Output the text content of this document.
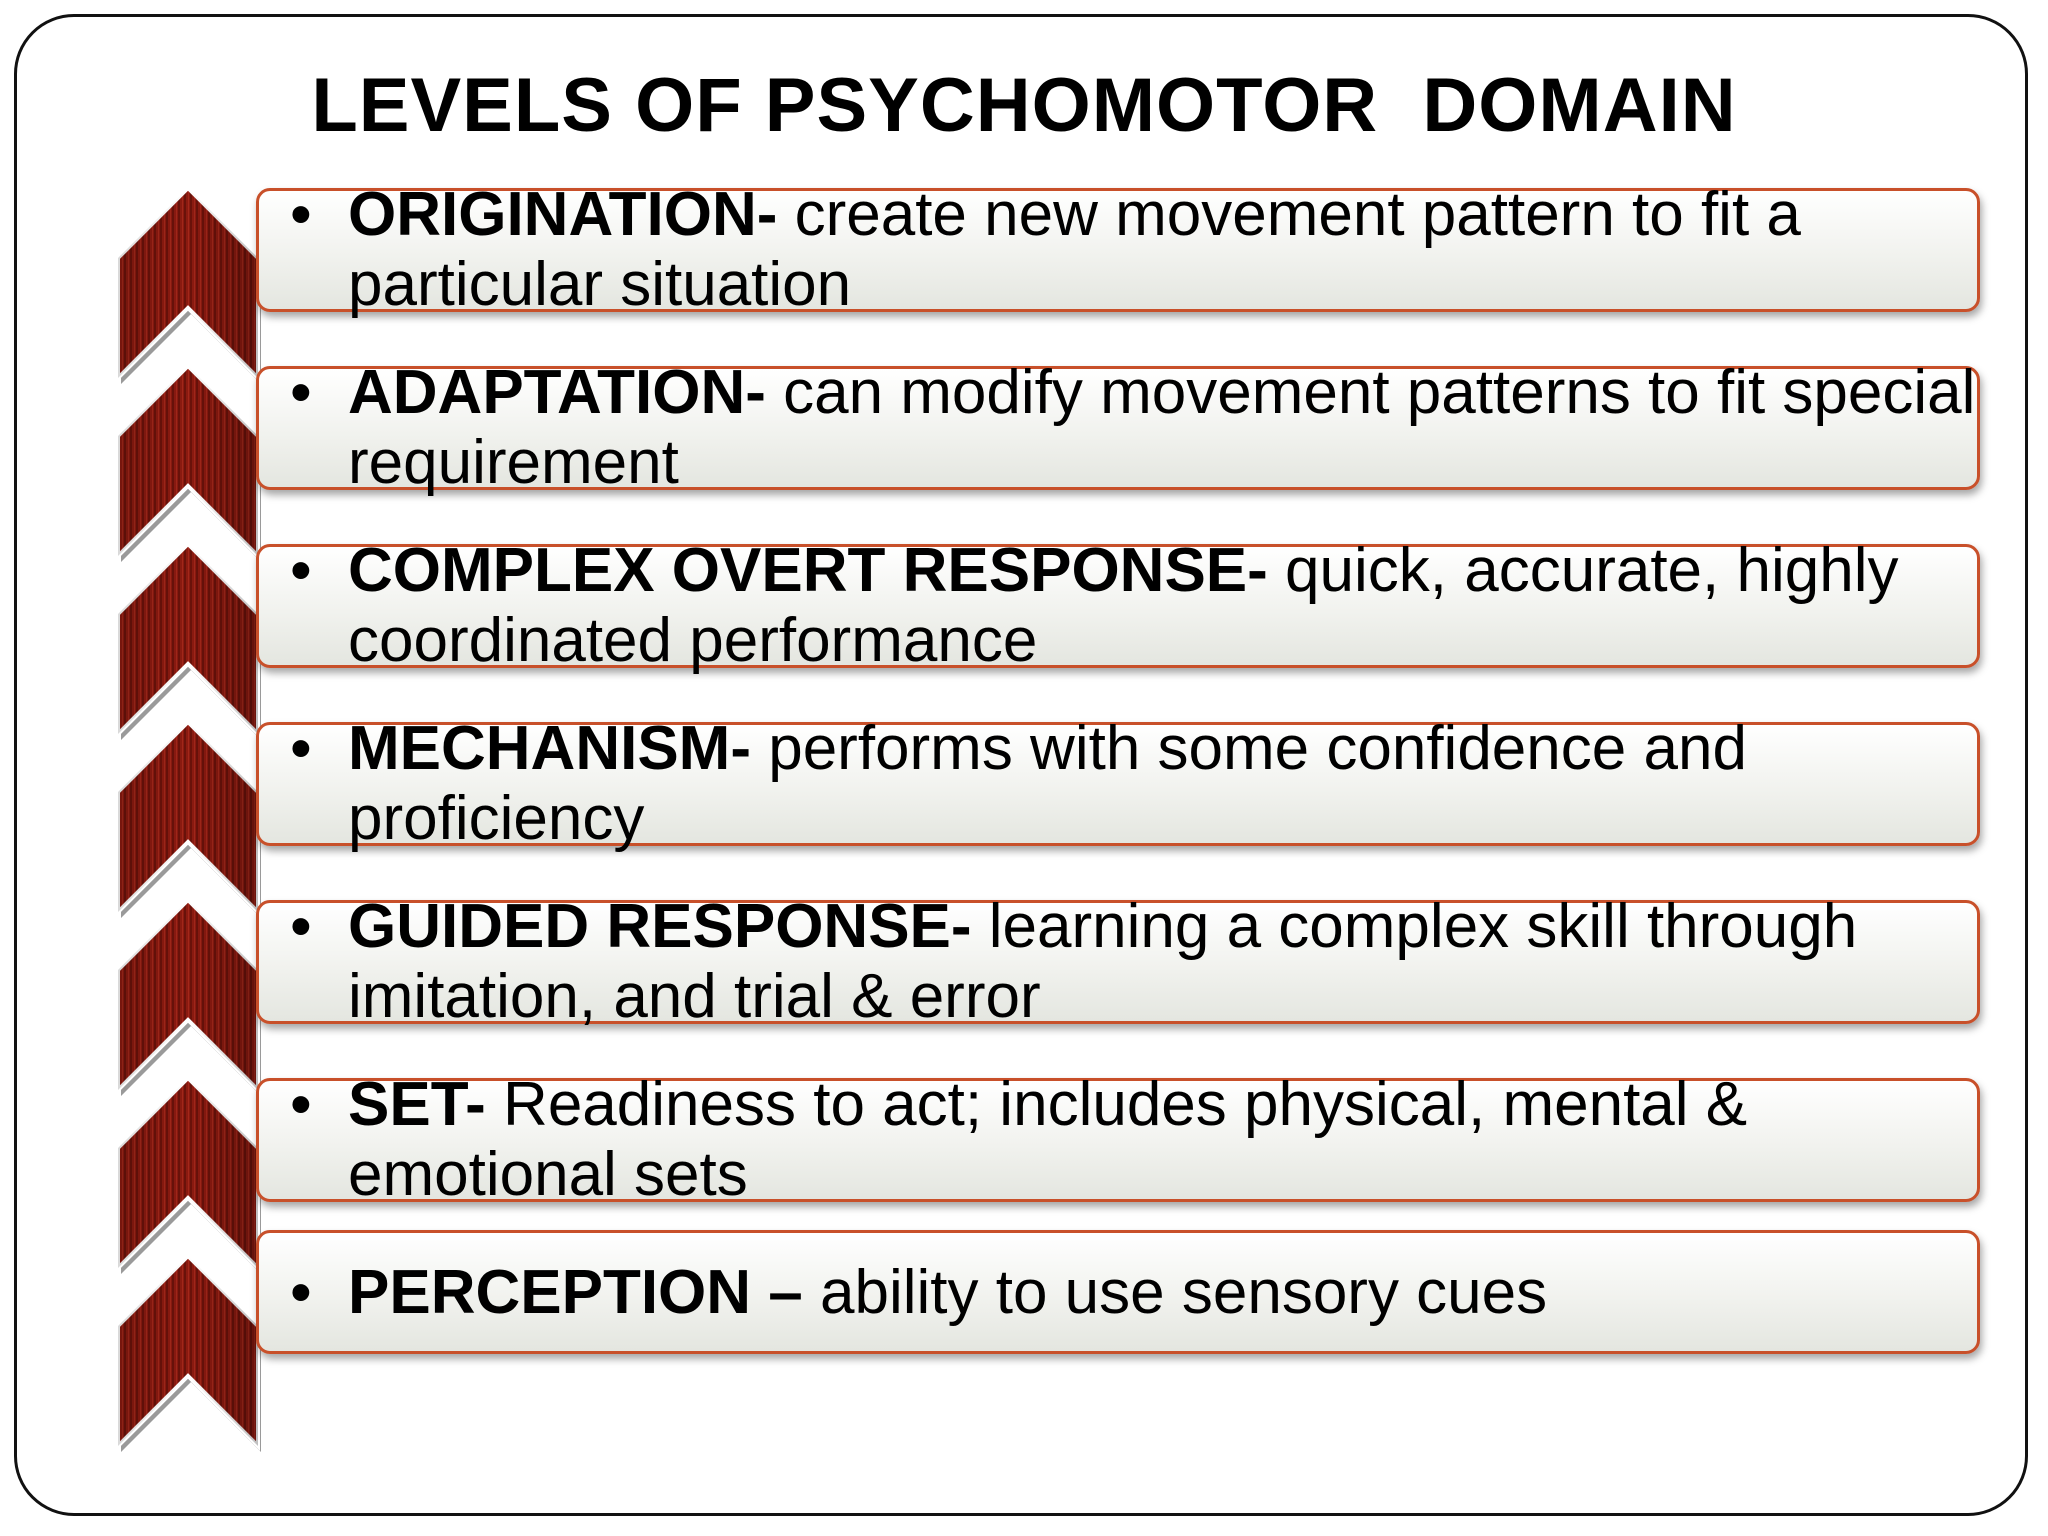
LEVELS OF PSYCHOMOTOR  DOMAIN
• ORIGINATION- create new movement pattern to fit a particular situation
• ADAPTATION- can modify movement patterns to fit special requirement
• COMPLEX OVERT RESPONSE- quick, accurate, highly coordinated performance
• MECHANISM- performs with some confidence and proficiency
• GUIDED RESPONSE- learning a complex skill through imitation, and trial & error
• SET- Readiness to act; includes physical, mental & emotional sets
• PERCEPTION – ability to use sensory cues
